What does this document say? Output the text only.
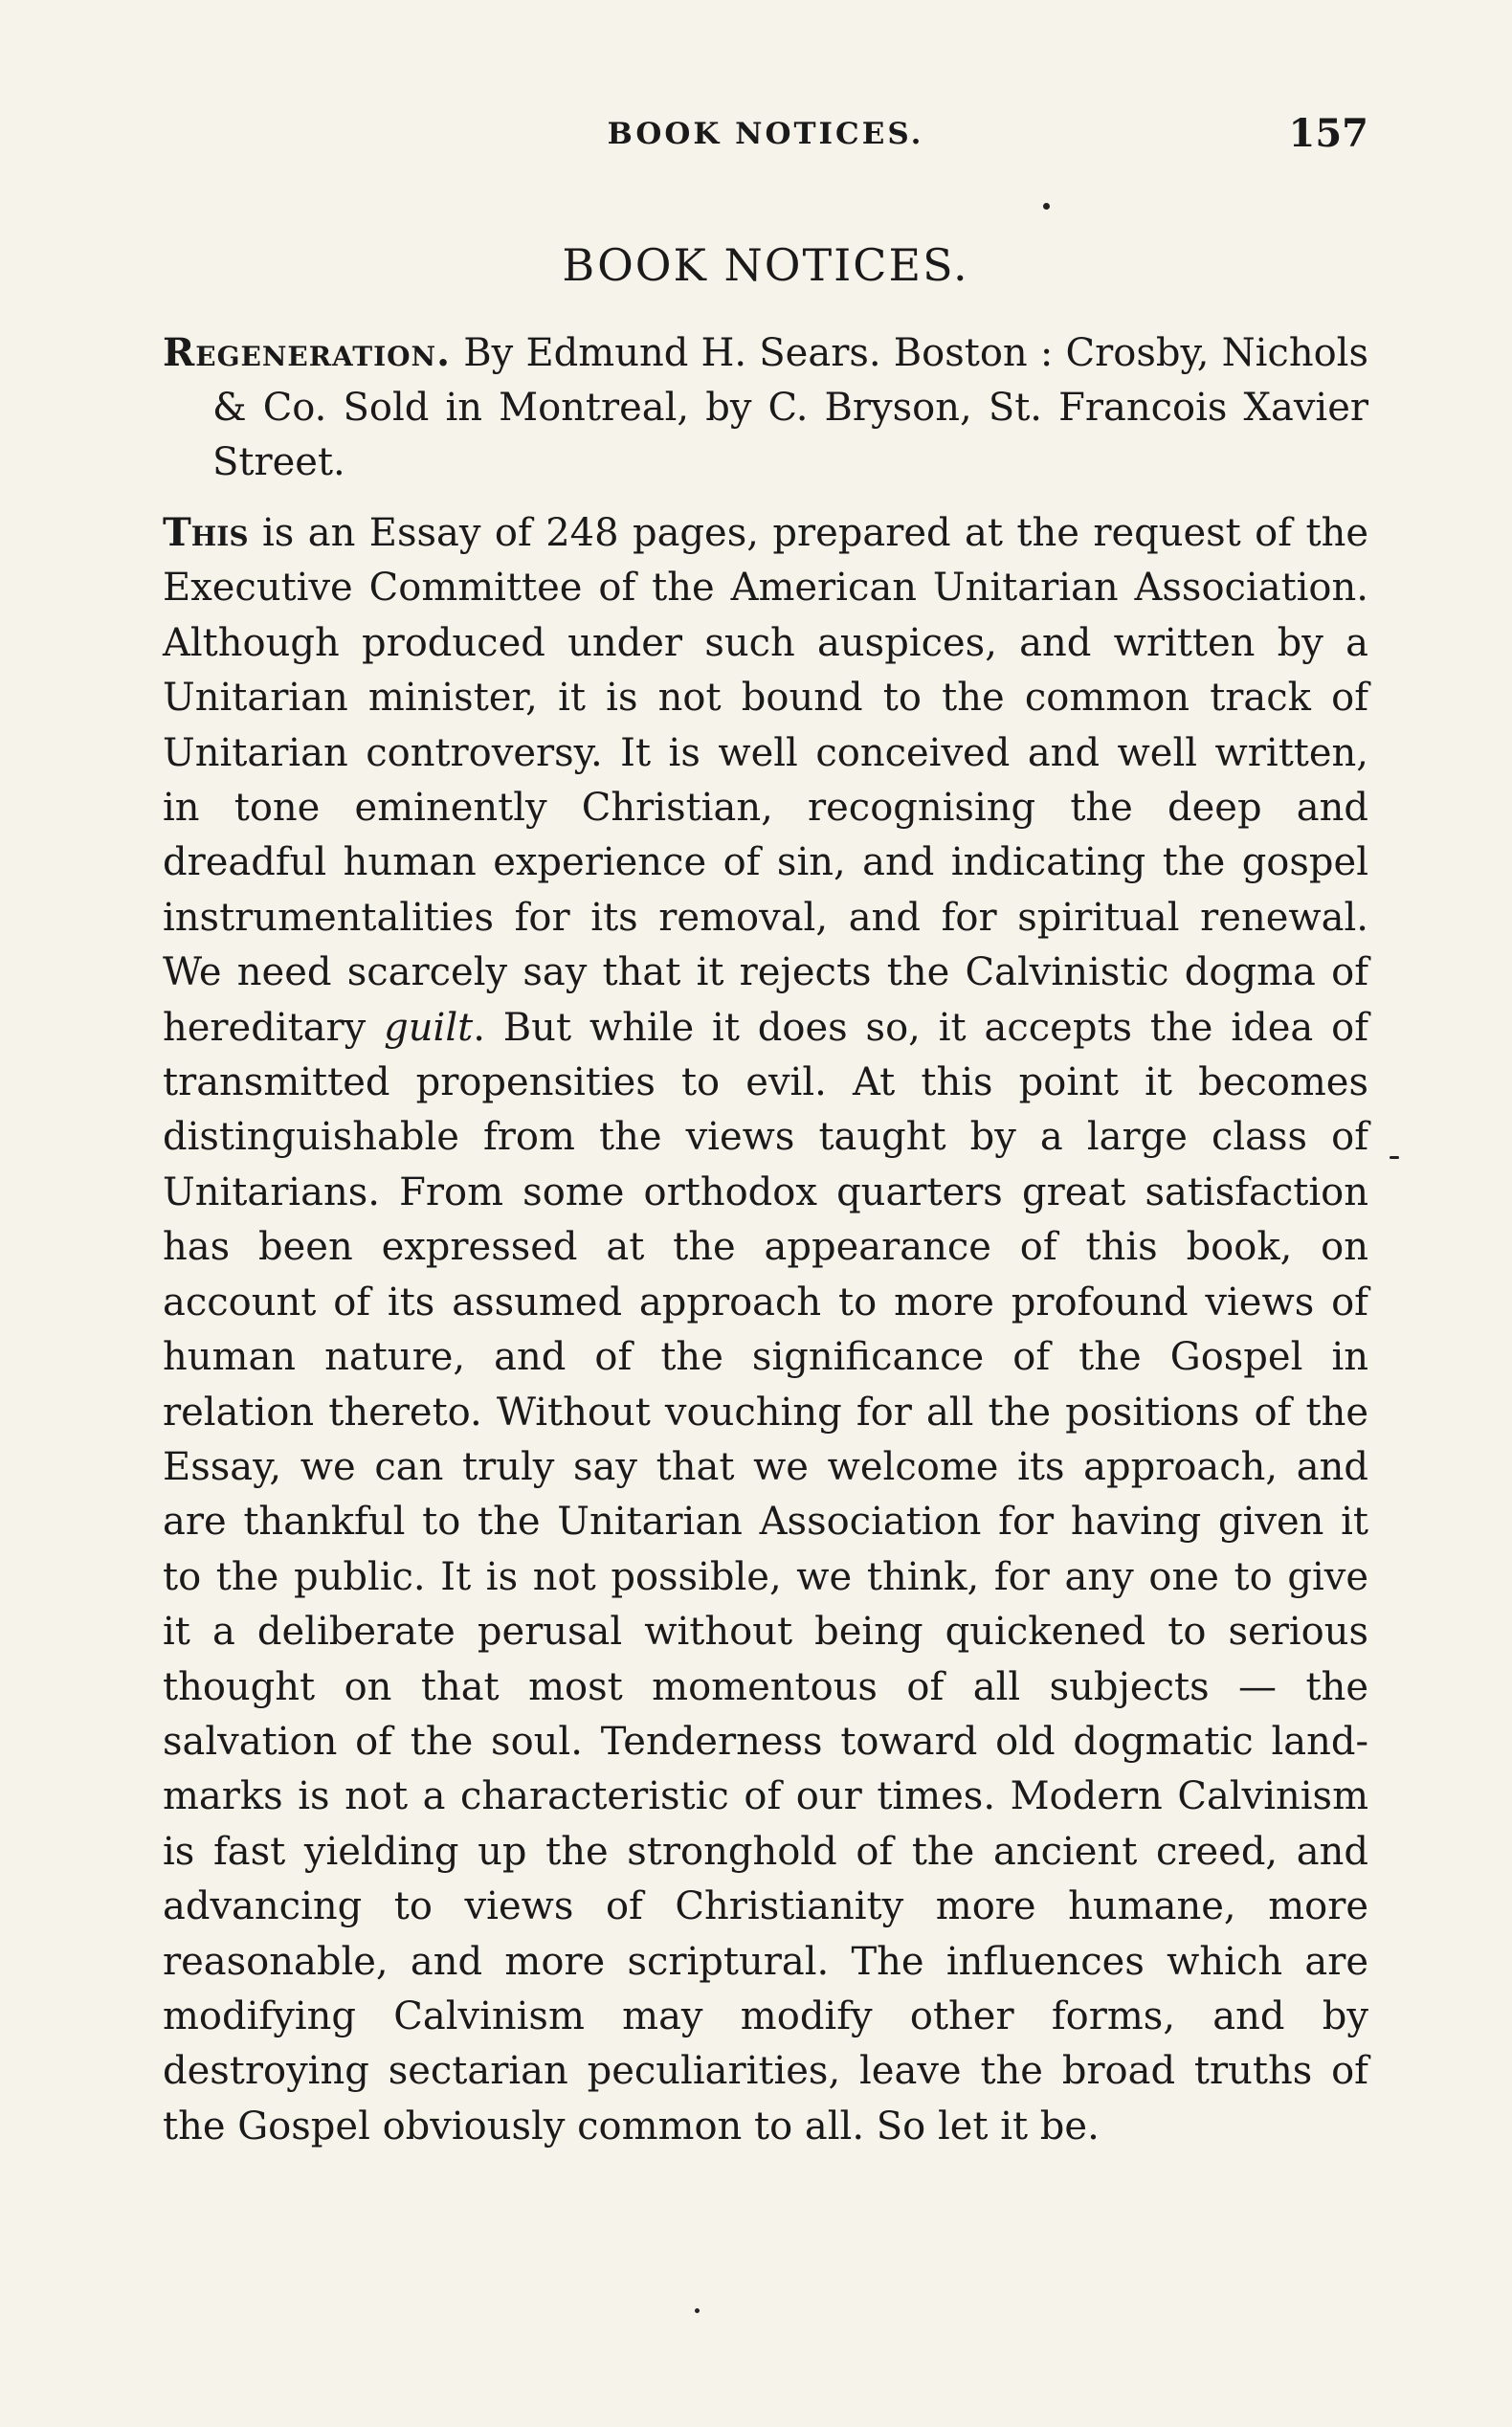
BOOK NOTICES.	157
BOOK NOTICES.
Regeneration. By Edmund H. Sears. Boston : Crosby, Nichols & Co. Sold in Montreal, by C. Bryson, St. Francois Xavier Street.

This is an Essay of 248 pages, prepared at the request of the Executive Committee of the American Unitarian Association. Although produced under such auspices, and written by a Unitarian minister, it is not bound to the common track of Unitarian controversy. It is well conceived and well written, in tone eminently Christian, recognising the deep and dreadful human experience of sin, and indicating the gospel instrumentalities for its removal, and for spiritual renewal. We need scarcely say that it rejects the Calvinistic dogma of hereditary guilt. But while it does so, it accepts the idea of transmitted propensities to evil. At this point it becomes distinguishable from the views taught by a large class of Unitarians. From some orthodox quarters great satisfaction has been expressed at the appearance of this book, on account of its assumed approach to more profound views of human nature, and of the significance of the Gospel in relation thereto. Without vouching for all the positions of the Essay, we can truly say that we welcome its approach, and are thankful to the Unitarian Association for having given it to the public. It is not possible, we think, for any one to give it a deliberate perusal without being quickened to serious thought on that most momentous of all subjects — the salvation of the soul. Tenderness toward old dogmatic land-marks is not a characteristic of our times. Modern Calvinism is fast yielding up the stronghold of the ancient creed, and advancing to views of Christianity more humane, more reasonable, and more scriptural. The influences which are modifying Calvinism may modify other forms, and by destroying sectarian peculiarities, leave the broad truths of the Gospel obviously common to all. So let it be.
